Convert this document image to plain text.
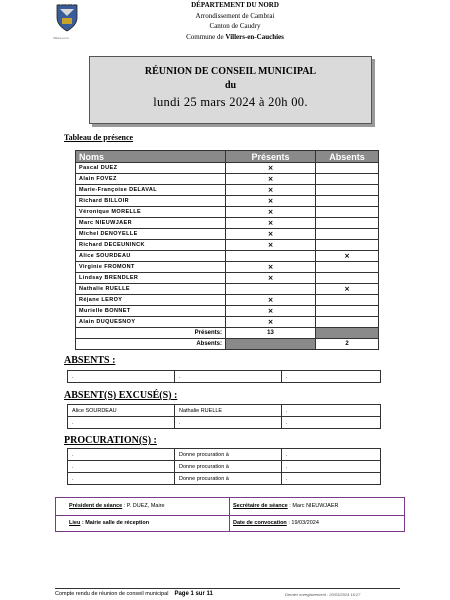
Villers-en-C.
DÉPARTEMENT DU NORD
Arrondissement de Cambrai
Canton de Caudry
Commune de Villers-en-Cauchies
RÉUNION DE CONSEIL MUNICIPAL
du
lundi 25 mars 2024 à 20h 00.
Tableau de présence
Noms	Présents	Absents
Pascal DUEZ	×	
Alain FOVEZ	×	
Marie-Françoise DELAVAL	×	
Richard BILLOIR	×	
Véronique MORELLE	×	
Marc NIEUWJAER	×	
Michel DENOYELLE	×	
Richard DECEUNINCK	×	
Alice SOURDEAU		×
Virginie FROMONT	×	
Lindsay BRENDLER	×	
Nathalie RUELLE		×
Réjane LEROY	×	
Murielle BONNET	×	
Alain DUQUESNOY	×	
Présents:	13	
Absents:		2
ABSENTS :
.	.	.
ABSENT(S) EXCUSÉ(S) :
Alice SOURDEAU	Nathalie RUELLE	.
.	.	.
PROCURATION(S) :
.	Donne procuration à	.
.	Donne procuration à	.
.	Donne procuration à	.
Président de séance : P. DUEZ, Maire	Secrétaire de séance : Marc NIEUWJAER
Lieu : Mairie salle de réception	Date de convocation : 19/03/2024
Compte rendu de réunion de conseil municipal Page 1 sur 11	Dernier enregistrement : 20/03/2024 16:27
